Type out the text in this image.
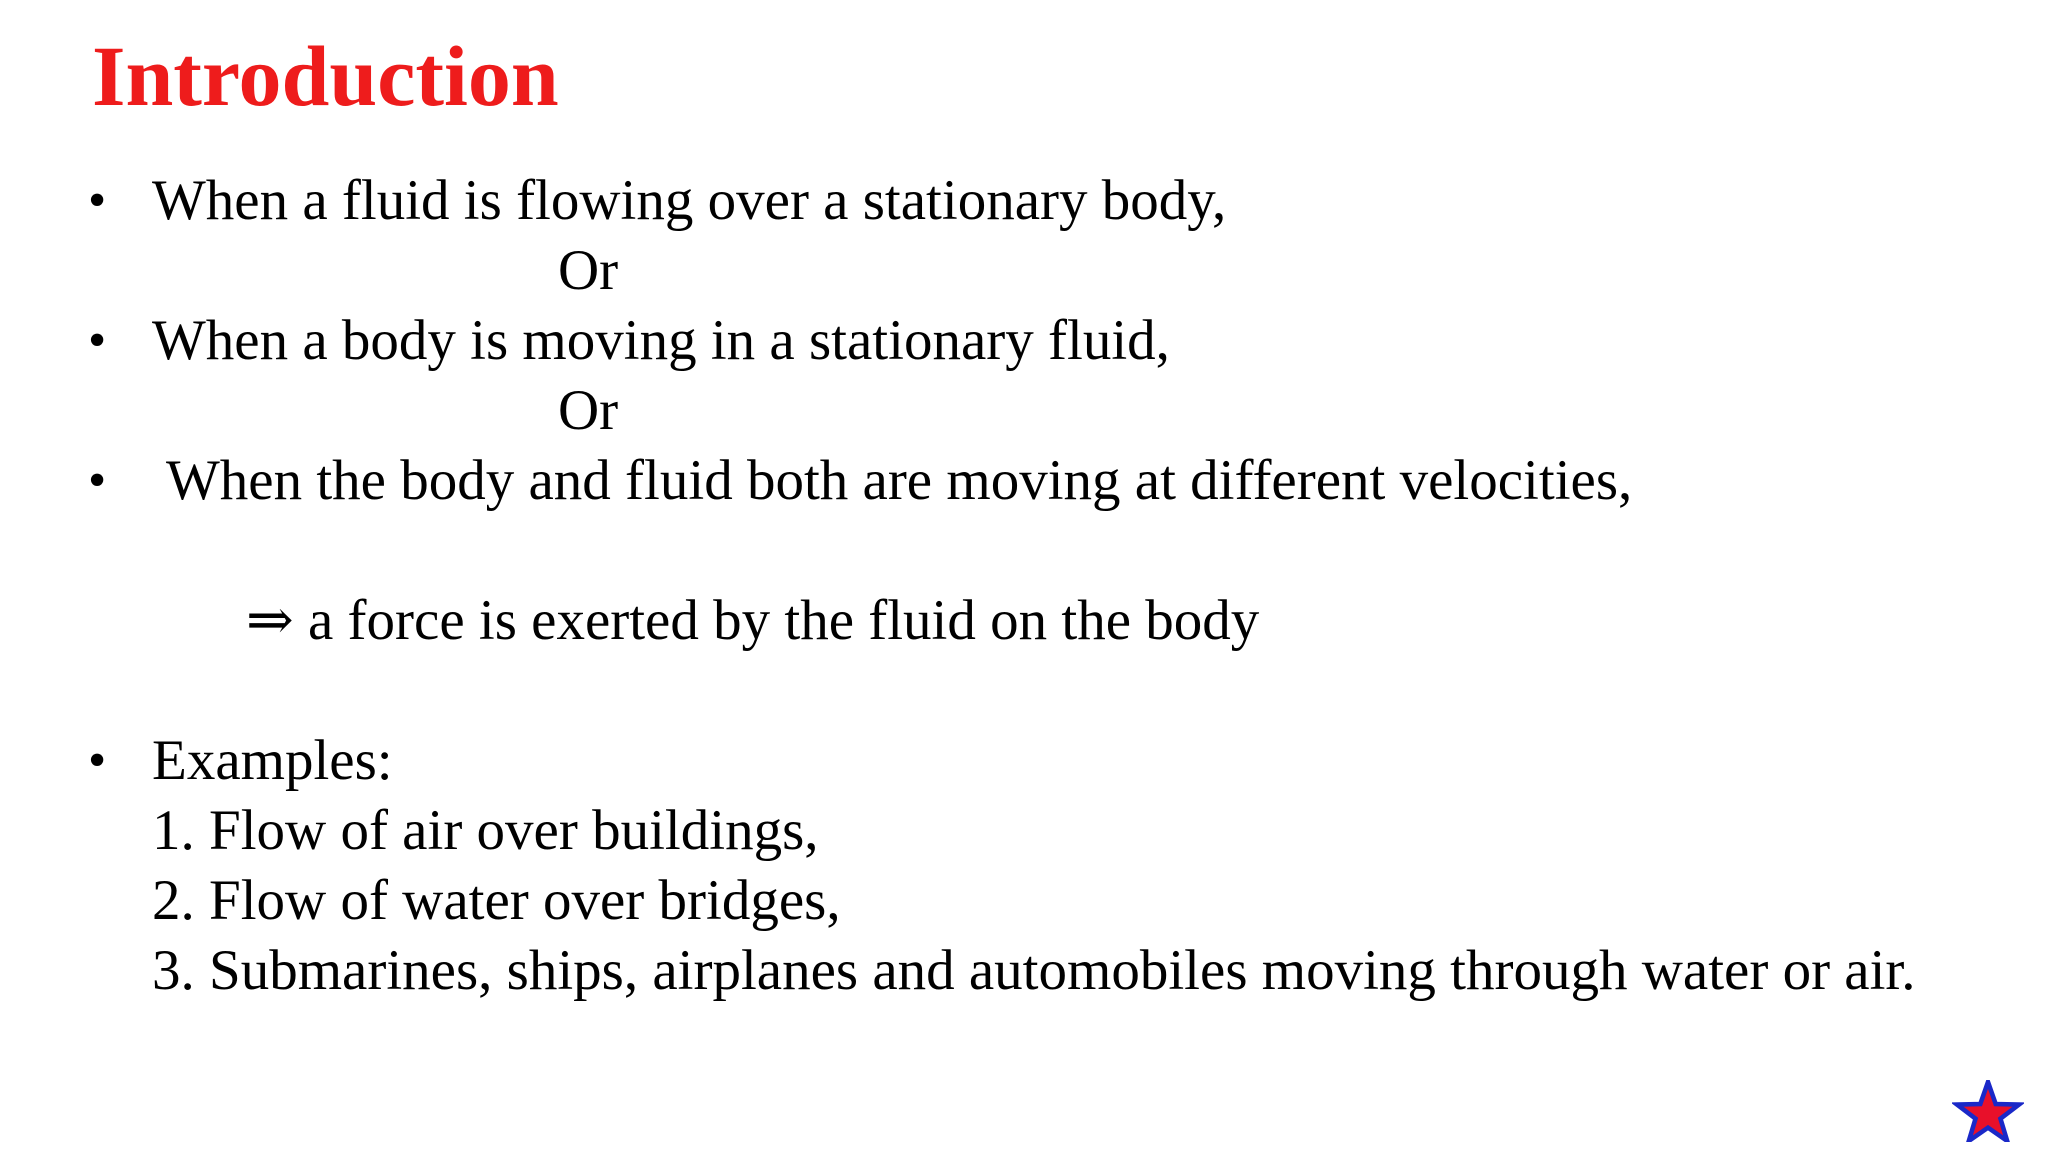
Introduction
• When a fluid is flowing over a stationary body,
Or
• When a body is moving in a stationary fluid,
Or
• When the body and fluid both are moving at different velocities,
⇒ a force is exerted by the fluid on the body
• Examples:
1. Flow of air over buildings,
2. Flow of water over bridges,
3. Submarines, ships, airplanes and automobiles moving through water or air.
